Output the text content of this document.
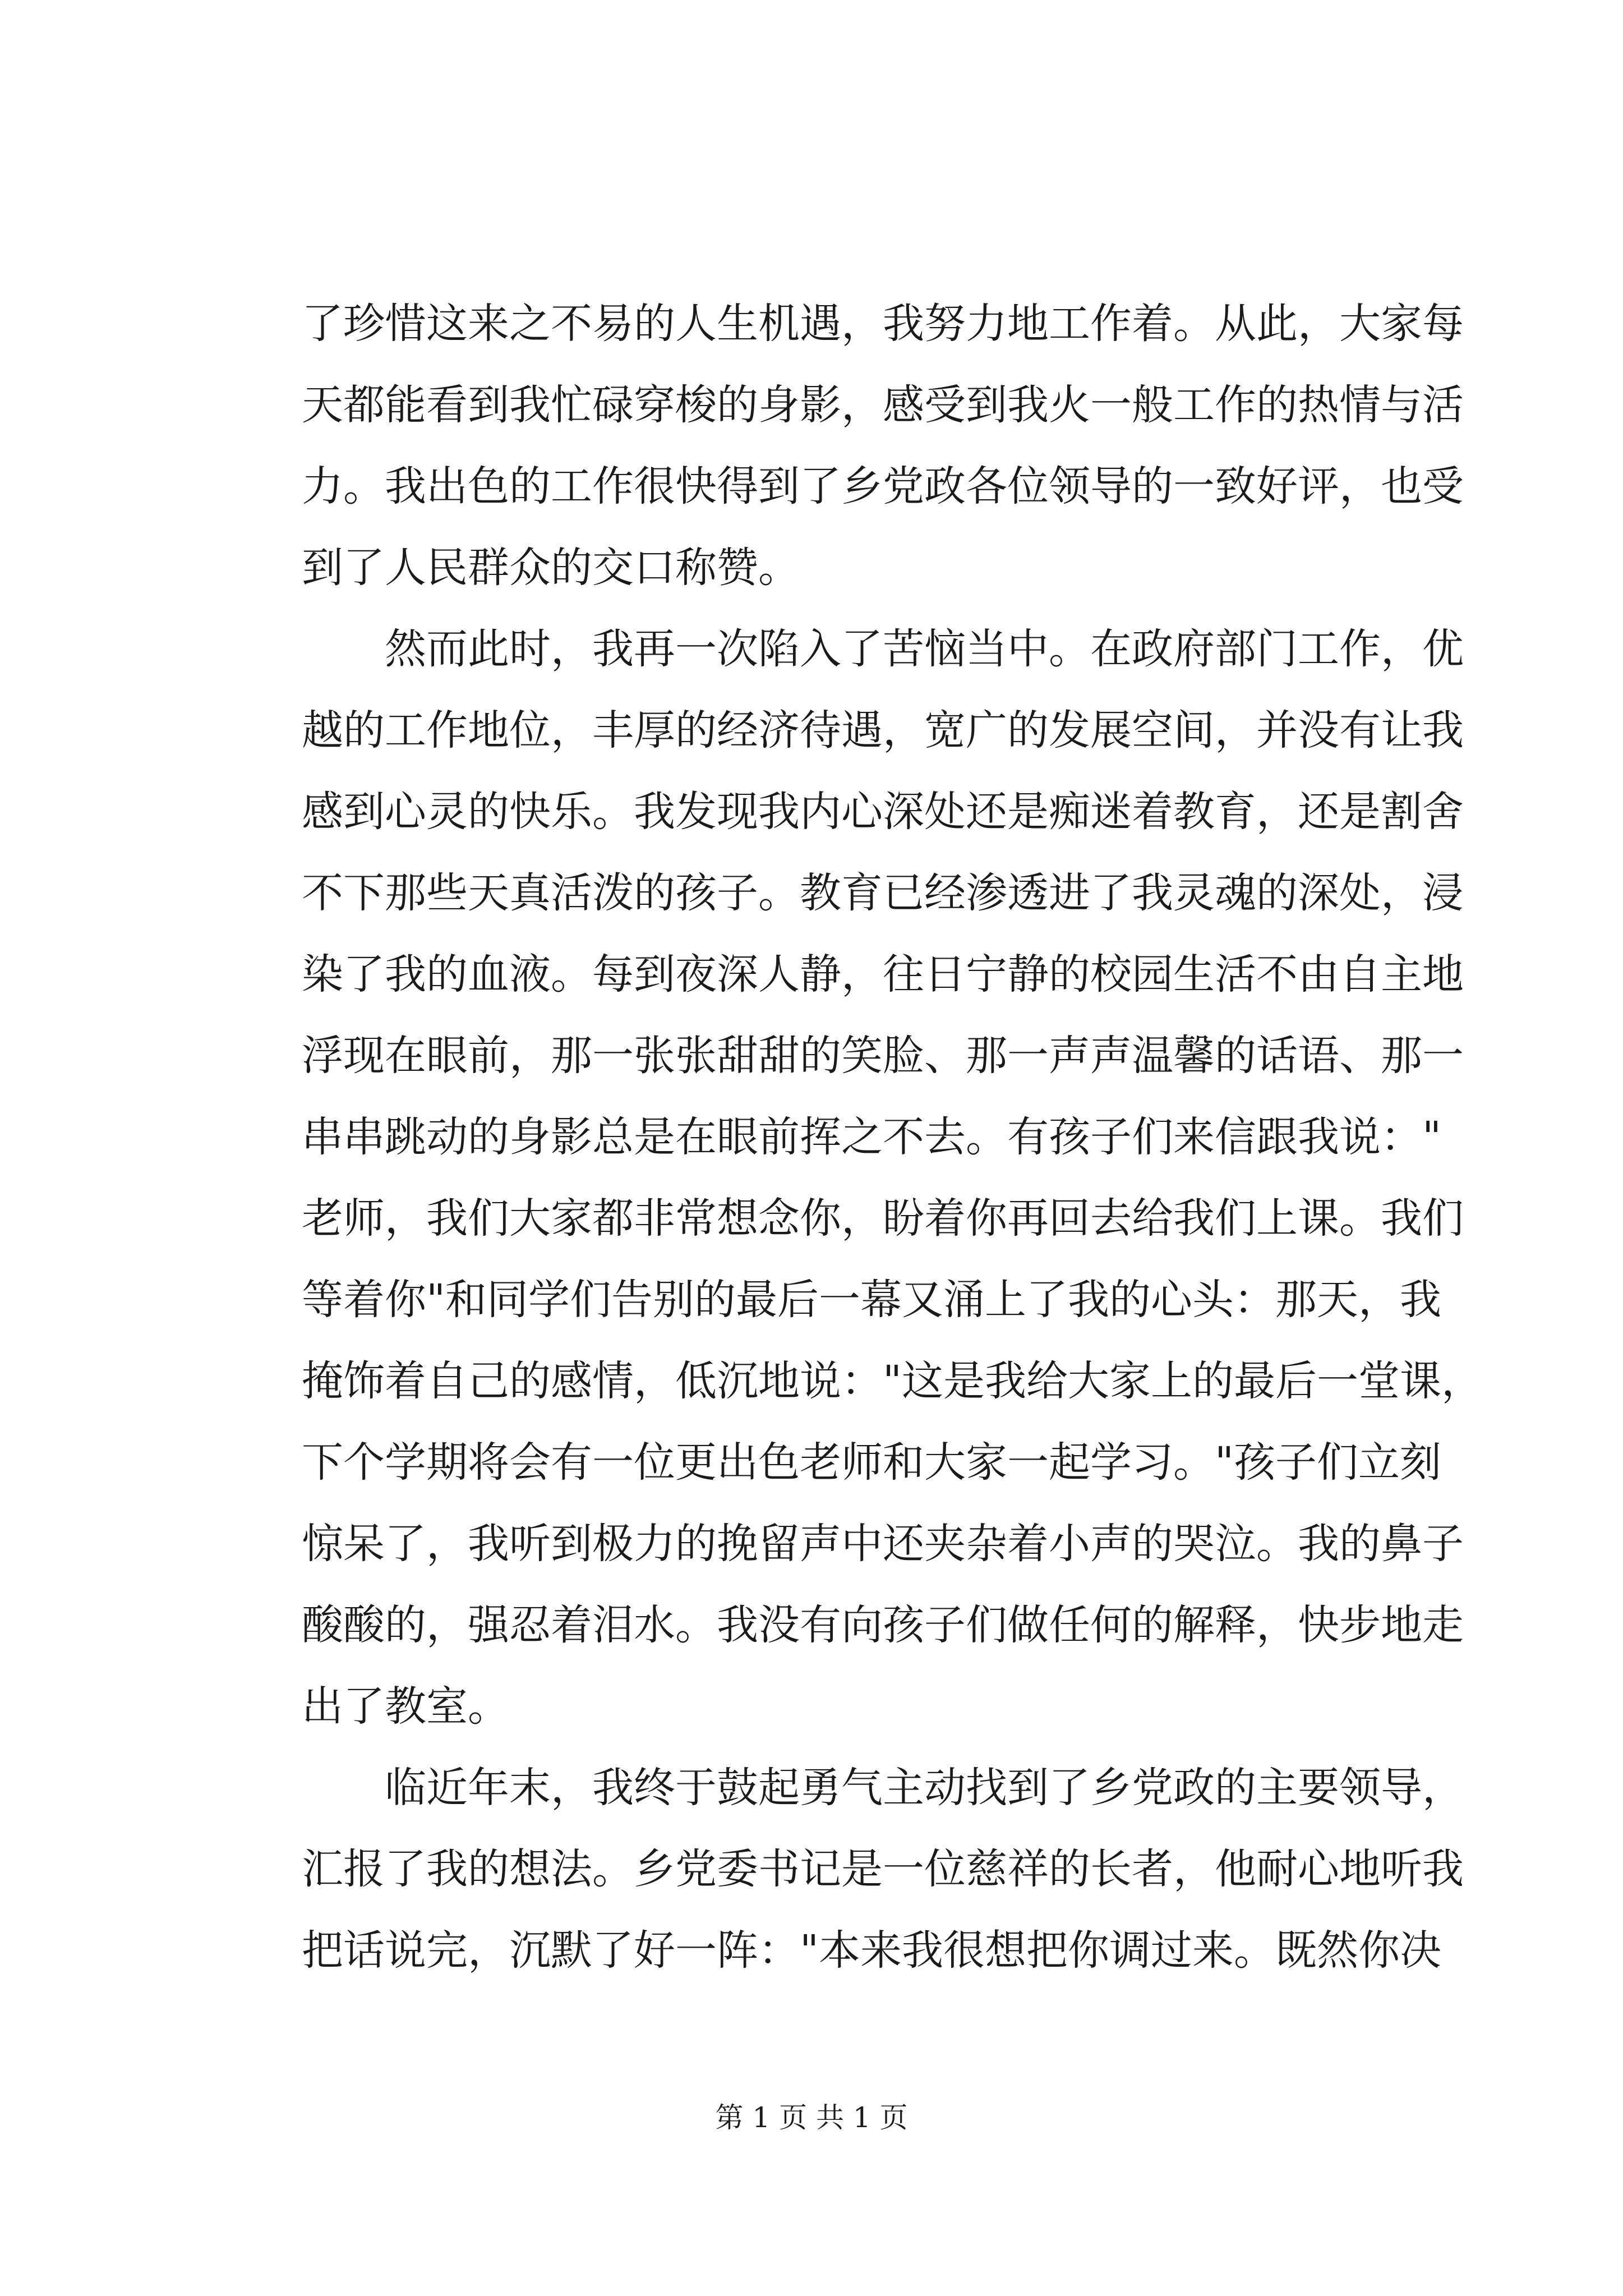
了珍惜这来之不易的人生机遇，我努力地工作着。从此，大家每
天都能看到我忙碌穿梭的身影，感受到我火一般工作的热情与活
力。我出色的工作很快得到了乡党政各位领导的一致好评，也受
到了人民群众的交口称赞。
然而此时，我再一次陷入了苦恼当中。在政府部门工作，优
越的工作地位，丰厚的经济待遇，宽广的发展空间，并没有让我
感到心灵的快乐。我发现我内心深处还是痴迷着教育，还是割舍
不下那些天真活泼的孩子。教育已经渗透进了我灵魂的深处，浸
染了我的血液。每到夜深人静，往日宁静的校园生活不由自主地
浮现在眼前，那一张张甜甜的笑脸、那一声声温馨的话语、那一
串串跳动的身影总是在眼前挥之不去。有孩子们来信跟我说："
老师，我们大家都非常想念你，盼着你再回去给我们上课。我们
等着你"和同学们告别的最后一幕又涌上了我的心头：那天，我
掩饰着自己的感情，低沉地说："这是我给大家上的最后一堂课，
下个学期将会有一位更出色老师和大家一起学习。"孩子们立刻
惊呆了，我听到极力的挽留声中还夹杂着小声的哭泣。我的鼻子
酸酸的，强忍着泪水。我没有向孩子们做任何的解释，快步地走
出了教室。
临近年末，我终于鼓起勇气主动找到了乡党政的主要领导，
汇报了我的想法。乡党委书记是一位慈祥的长者，他耐心地听我
把话说完，沉默了好一阵："本来我很想把你调过来。既然你决
第 1 页 共 1 页
